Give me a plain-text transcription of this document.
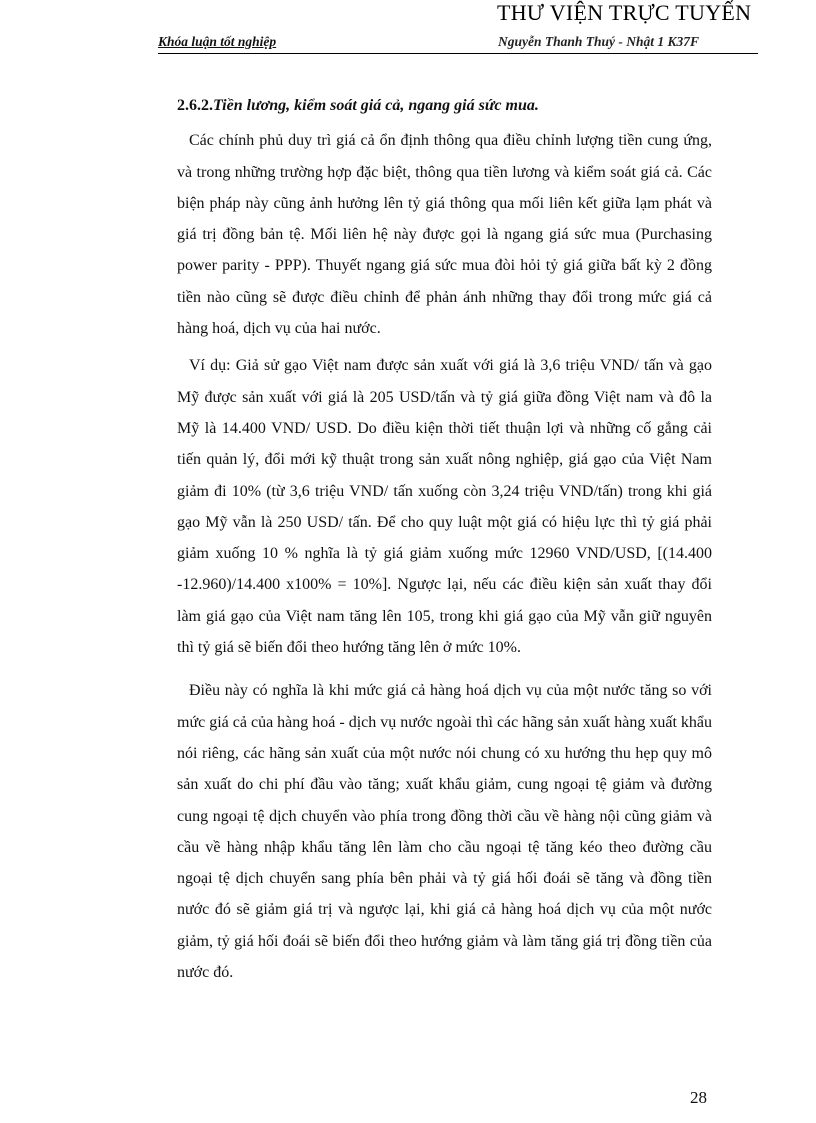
Khóa luận tốt nghiệp	Nguyễn Thanh Thuý - Nhật 1 K37F
THƯ VIỆN TRỰC TUYẾN

2.6.2.Tiền lương, kiểm soát giá cả, ngang giá sức mua.

Các chính phủ duy trì giá cả ổn định thông qua điều chỉnh lượng tiền cung ứng, và trong những trường hợp đặc biệt, thông qua tiền lương và kiểm soát giá cả. Các biện pháp này cũng ảnh hưởng lên tỷ giá thông qua mối liên kết giữa lạm phát và giá trị đồng bản tệ. Mối liên hệ này được gọi là ngang giá sức mua (Purchasing power parity - PPP). Thuyết ngang giá sức mua đòi hỏi tỷ giá giữa bất kỳ 2 đồng tiền nào cũng sẽ được điều chỉnh để phản ánh những thay đổi trong mức giá cả hàng hoá, dịch vụ của hai nước.

Ví dụ: Giả sử gạo Việt nam được sản xuất với giá là 3,6 triệu VND/ tấn và gạo Mỹ được sản xuất với giá là 205 USD/tấn và tỷ giá giữa đồng Việt nam và đô la Mỹ là 14.400 VND/ USD. Do điều kiện thời tiết thuận lợi và những cố gắng cải tiến quản lý, đổi mới kỹ thuật trong sản xuất nông nghiệp, giá gạo của Việt Nam giảm đi 10% (từ 3,6 triệu VND/ tấn xuống còn 3,24 triệu VND/tấn) trong khi giá gạo Mỹ vẫn là 250 USD/ tấn. Để cho quy luật một giá có hiệu lực thì tỷ giá phải giảm xuống 10 % nghĩa là tỷ giá giảm xuống mức 12960 VND/USD, [(14.400 -12.960)/14.400 x100% = 10%]. Ngược lại, nếu các điều kiện sản xuất thay đổi làm giá gạo của Việt nam tăng lên 105, trong khi giá gạo của Mỹ vẫn giữ nguyên thì tỷ giá sẽ biến đổi theo hướng tăng lên ở mức 10%.

Điều này có nghĩa là khi mức giá cả hàng hoá dịch vụ của một nước tăng so với mức giá cả của hàng hoá - dịch vụ nước ngoài thì các hãng sản xuất hàng xuất khẩu nói riêng, các hãng sản xuất của một nước nói chung có xu hướng thu hẹp quy mô sản xuất do chi phí đầu vào tăng; xuất khẩu giảm, cung ngoại tệ giảm và đường cung ngoại tệ dịch chuyển vào phía trong đồng thời cầu về hàng nội cũng giảm và cầu về hàng nhập khẩu tăng lên làm cho cầu ngoại tệ tăng kéo theo đường cầu ngoại tệ dịch chuyển sang phía bên phải và tỷ giá hối đoái sẽ tăng và đồng tiền nước đó sẽ giảm giá trị và ngược lại, khi giá cả hàng hoá dịch vụ của một nước giảm, tỷ giá hối đoái sẽ biến đổi theo hướng giảm và làm tăng giá trị đồng tiền của nước đó.

28
